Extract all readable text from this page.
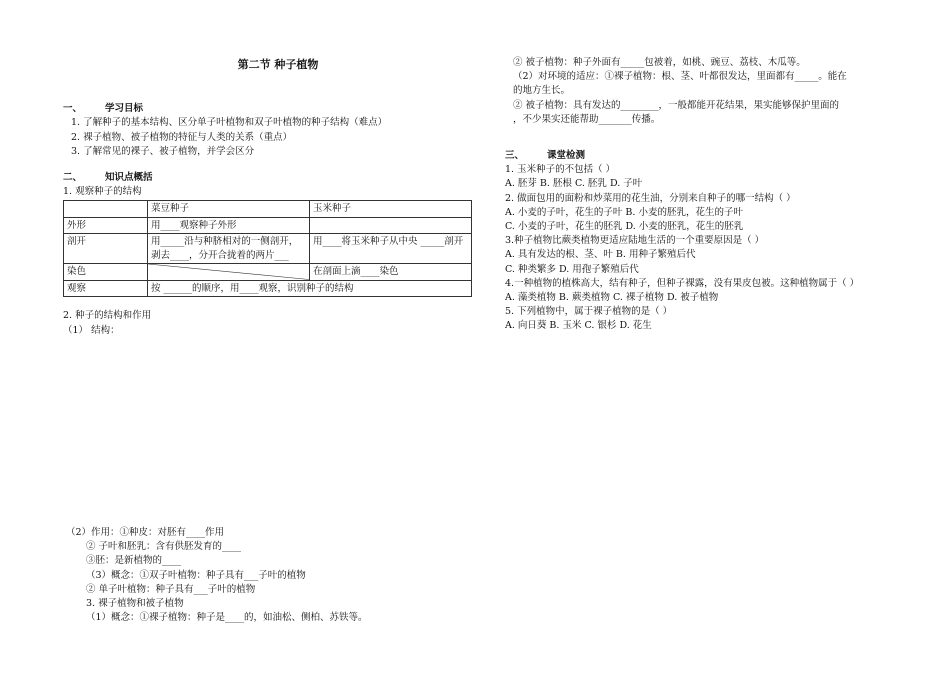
第二节 种子植物
一、 学习目标
1. 了解种子的基本结构、区分单子叶植物和双子叶植物的种子结构（难点）
2. 裸子植物、被子植物的特征与人类的关系（重点）
3. 了解常见的裸子、被子植物，并学会区分
二、 知识点概括
1. 观察种子的结构
	菜豆种子	玉米种子
外形	用____观察种子外形	
剖开	用_____沿与种脐相对的一侧剖开，剥去____，分开合拢着的两片___	用____将玉米种子从中央 _____剖开
染色		在剖面上滴____染色
观察	按 ______的顺序，用____观察，识别种子的结构	
2. 种子的结构和作用
（1） 结构：
（2）作用：①种皮：对胚有____作用
② 子叶和胚乳：含有供胚发育的____
③胚：是新植物的____
（3）概念：①双子叶植物：种子具有___子叶的植物
② 单子叶植物：种子具有___子叶的植物
3. 裸子植物和被子植物
（1）概念：①裸子植物：种子是____的，如油松、侧柏、苏铁等。
② 被子植物：种子外面有_____包被着，如桃、豌豆、荔枝、木瓜等。
（2）对环境的适应：①裸子植物：根、茎、叶都很发达，里面都有_____。能在
的地方生长。
② 被子植物：具有发达的________，一般都能开花结果，果实能够保护里面的
，不少果实还能帮助_______传播。
三、 课堂检测
1. 玉米种子的不包括（ ）
A. 胚芽 B. 胚根 C. 胚乳 D. 子叶
2. 做面包用的面粉和炒菜用的花生油，分别来自种子的哪一结构（ ）
A. 小麦的子叶，花生的子叶 B. 小麦的胚乳，花生的子叶
C. 小麦的子叶，花生的胚乳 D. 小麦的胚乳，花生的胚乳
3.种子植物比蕨类植物更适应陆地生活的一个重要原因是（ ）
A. 具有发达的根、茎、叶 B. 用种子繁殖后代
C. 种类繁多 D. 用孢子繁殖后代
4.一种植物的植株高大，结有种子，但种子裸露，没有果皮包被。这种植物属于（ ）
A. 藻类植物 B. 蕨类植物 C. 裸子植物 D. 被子植物
5. 下列植物中，属于裸子植物的是（ ）
A. 向日葵 B. 玉米 C. 银杉 D. 花生
